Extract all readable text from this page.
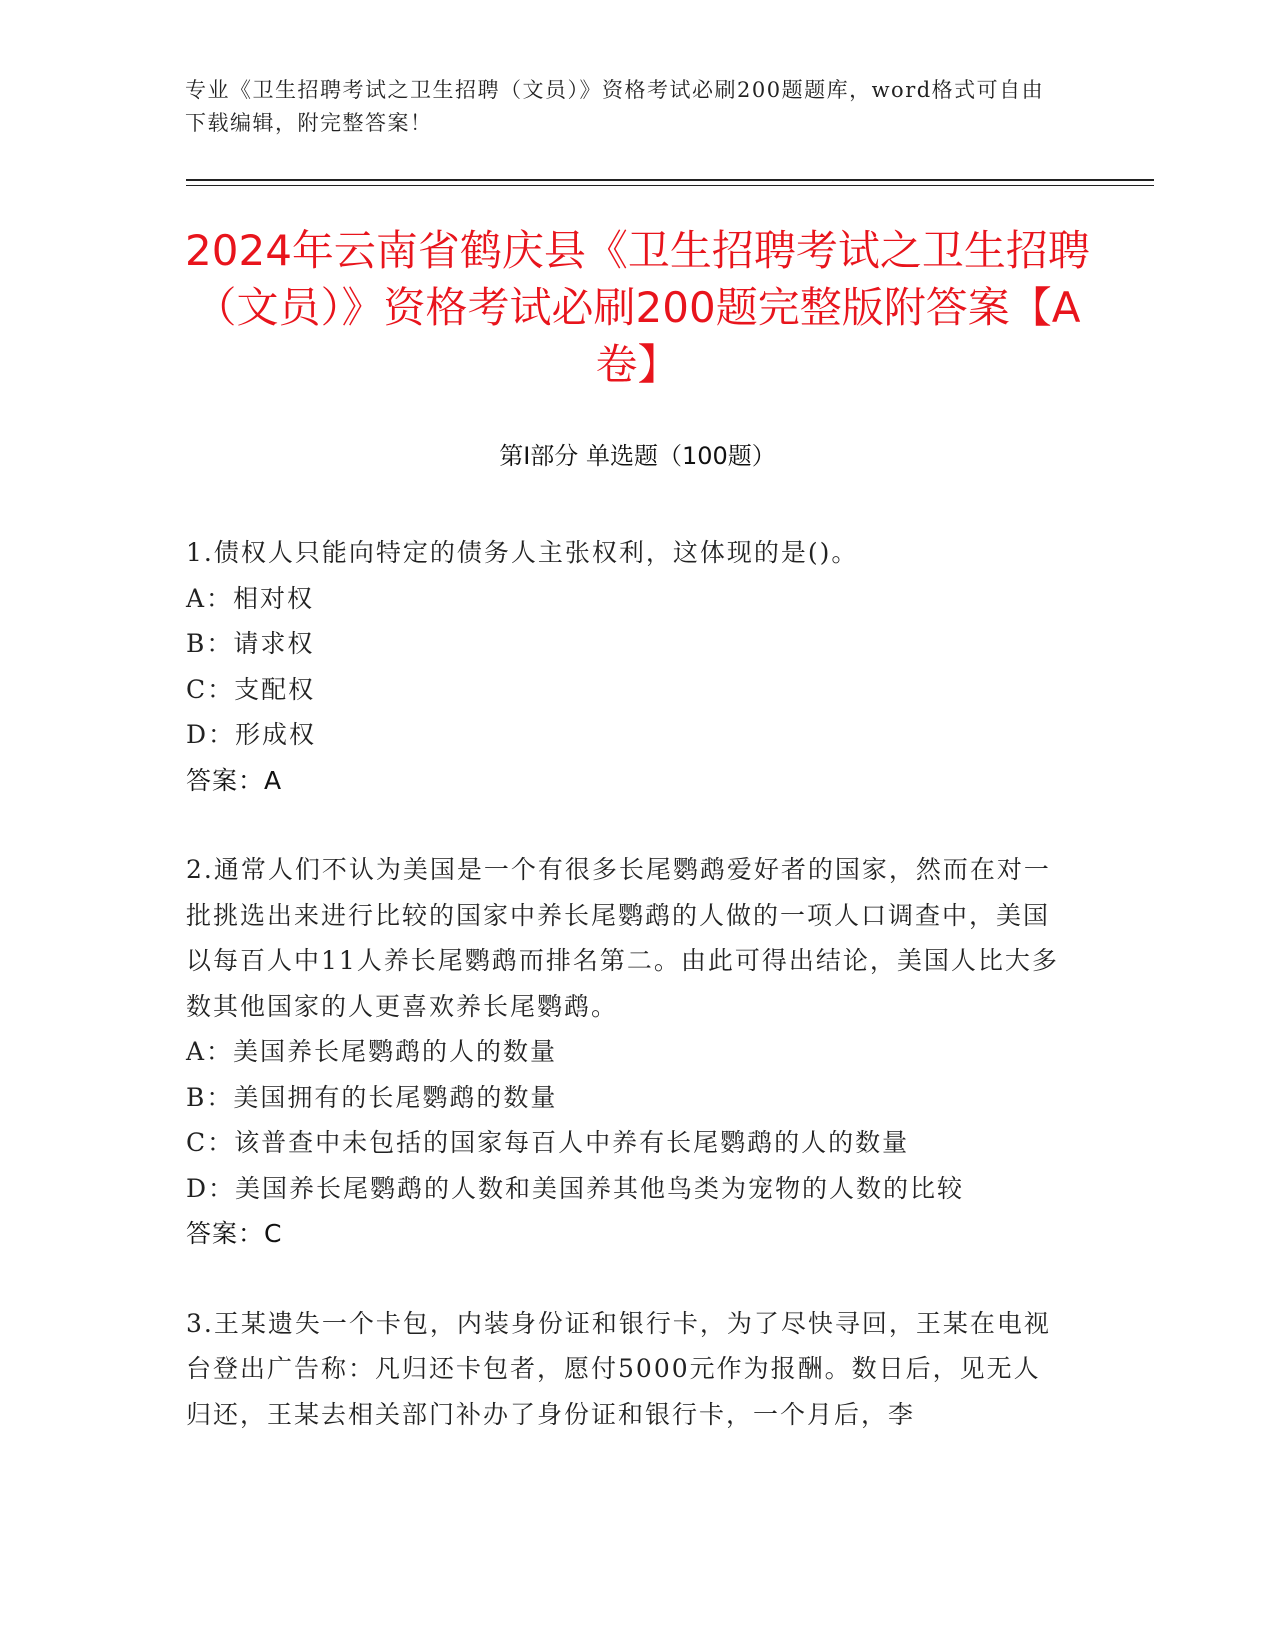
专业《卫生招聘考试之卫生招聘（文员）》资格考试必刷200题题库，word格式可自由下载编辑，附完整答案！
2024年云南省鹤庆县《卫生招聘考试之卫生招聘（文员）》资格考试必刷200题完整版附答案【A卷】
第Ⅰ部分 单选题（100题）

1.债权人只能向特定的债务人主张权利，这体现的是()。

A：相对权
B：请求权
C：支配权
D：形成权
答案：A

2.通常人们不认为美国是一个有很多长尾鹦鹉爱好者的国家，然而在对一批挑选出来进行比较的国家中养长尾鹦鹉的人做的一项人口调查中，美国以每百人中11人养长尾鹦鹉而排名第二。由此可得出结论，美国人比大多数其他国家的人更喜欢养长尾鹦鹉。

A：美国养长尾鹦鹉的人的数量
B：美国拥有的长尾鹦鹉的数量
C：该普查中未包括的国家每百人中养有长尾鹦鹉的人的数量
D：美国养长尾鹦鹉的人数和美国养其他鸟类为宠物的人数的比较
答案：C

3.王某遗失一个卡包，内装身份证和银行卡，为了尽快寻回，王某在电视台登出广告称：凡归还卡包者，愿付5000元作为报酬。数日后，见无人归还，王某去相关部门补办了身份证和银行卡，一个月后，李
